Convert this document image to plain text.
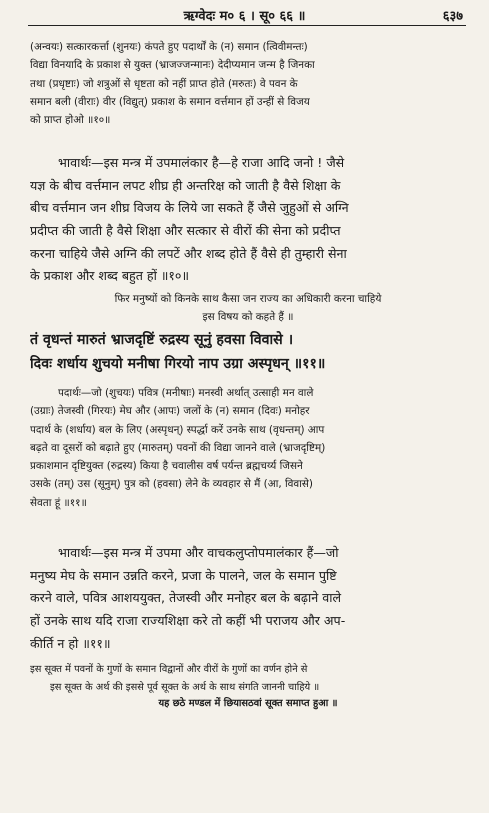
ऋग्वेदः म० ६ । सू० ६६ ॥	६३७
(अन्वयः) सत्कारकर्त्ता (शुनयः) कंपते हुए पदार्थों के (न) समान (त्विवीमन्तः)
विद्या विनयादि के प्रकाश से युक्त (भ्राजज्जन्मानः) देदीप्यमान जन्म है जिनका
तथा (प्रधृष्टाः) जो शत्रुओं से धृष्टता को नहीं प्राप्त होते (मरुतः) वे पवन के
समान बली (वीराः) वीर (विद्युत्) प्रकाश के समान वर्त्तमान हों उन्हीं से विजय
को प्राप्त होओ ॥१०॥
भावार्थः—इस मन्त्र में उपमालंकार है—हे राजा आदि जनो ! जैसे
यज्ञ के बीच वर्त्तमान लपट शीघ्र ही अन्तरिक्ष को जाती है वैसे शिक्षा के
बीच वर्त्तमान जन शीघ्र विजय के लिये जा सकते हैं जैसे जुहुओं से अग्नि
प्रदीप्त की जाती है वैसे शिक्षा और सत्कार से वीरों की सेना को प्रदीप्त
करना चाहिये जैसे अग्नि की लपटें और शब्द होते हैं वैसे ही तुम्हारी सेना
के प्रकाश और शब्द बहुत हों ॥१०॥
फिर मनुष्यों को किनके साथ कैसा जन राज्य का अधिकारी करना चाहिये
इस विषय को कहते हैं ॥
तं वृधन्तं मारुतं भ्राजदृष्टिं रुद्रस्य सूनुं हवसा विवासे ।
दिवः शर्धाय शुचयो मनीषा गिरयो नाप उग्रा अस्पृधन् ॥११॥
पदार्थः—जो (शुचयः) पवित्र (मनीषाः) मनस्वी अर्थात् उत्साही मन वाले
(उग्राः) तेजस्वी (गिरयः) मेघ और (आपः) जलों के (न) समान (दिवः) मनोहर
पदार्थ के (शर्धाय) बल के लिए (अस्पृधन्) स्पर्द्धा करें उनके साथ (वृधन्तम्) आप
बढ़ते वा दूसरों को बढ़ाते हुए (मारुतम्) पवनों की विद्या जानने वाले (भ्राजदृष्टिम्)
प्रकाशमान दृष्टियुक्त (रुद्रस्य) किया है चवालीस वर्ष पर्यन्त ब्रह्मचर्य्य जिसने
उसके (तम्) उस (सूनुम्) पुत्र को (हवसा) लेने के व्यवहार से मैं (आ, विवासे)
सेवता हूं ॥११॥
भावार्थः—इस मन्त्र में उपमा और वाचकलुप्तोपमालंकार हैं—जो
मनुष्य मेघ के समान उन्नति करने, प्रजा के पालने, जल के समान पुष्टि
करने वाले, पवित्र आशययुक्त, तेजस्वी और मनोहर बल के बढ़ाने वाले
हों उनके साथ यदि राजा राज्यशिक्षा करे तो कहीं भी पराजय और अप-
कीर्ति न हो ॥११॥
इस सूक्त में पवनों के गुणों के समान विद्वानों और वीरों के गुणों का वर्णन होने से
इस सूक्त के अर्थ की इससे पूर्व सूक्त के अर्थ के साथ संगति जाननी चाहिये ॥
यह छठे मण्डल में छियासठवां सूक्त समाप्त हुआ ॥
